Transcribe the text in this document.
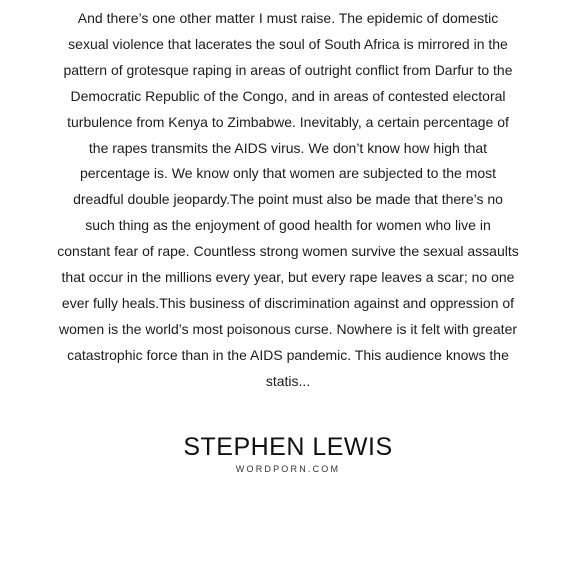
And there’s one other matter I must raise. The epidemic of domestic
sexual violence that lacerates the soul of South Africa is mirrored in the
pattern of grotesque raping in areas of outright conflict from Darfur to the
Democratic Republic of the Congo, and in areas of contested electoral
turbulence from Kenya to Zimbabwe. Inevitably, a certain percentage of
the rapes transmits the AIDS virus. We don’t know how high that
percentage is. We know only that women are subjected to the most
dreadful double jeopardy.The point must also be made that there’s no
such thing as the enjoyment of good health for women who live in
constant fear of rape. Countless strong women survive the sexual assaults
that occur in the millions every year, but every rape leaves a scar; no one
ever fully heals.This business of discrimination against and oppression of
women is the world’s most poisonous curse. Nowhere is it felt with greater
catastrophic force than in the AIDS pandemic. This audience knows the
statis...

STEPHEN LEWIS
WORDPORN.COM
